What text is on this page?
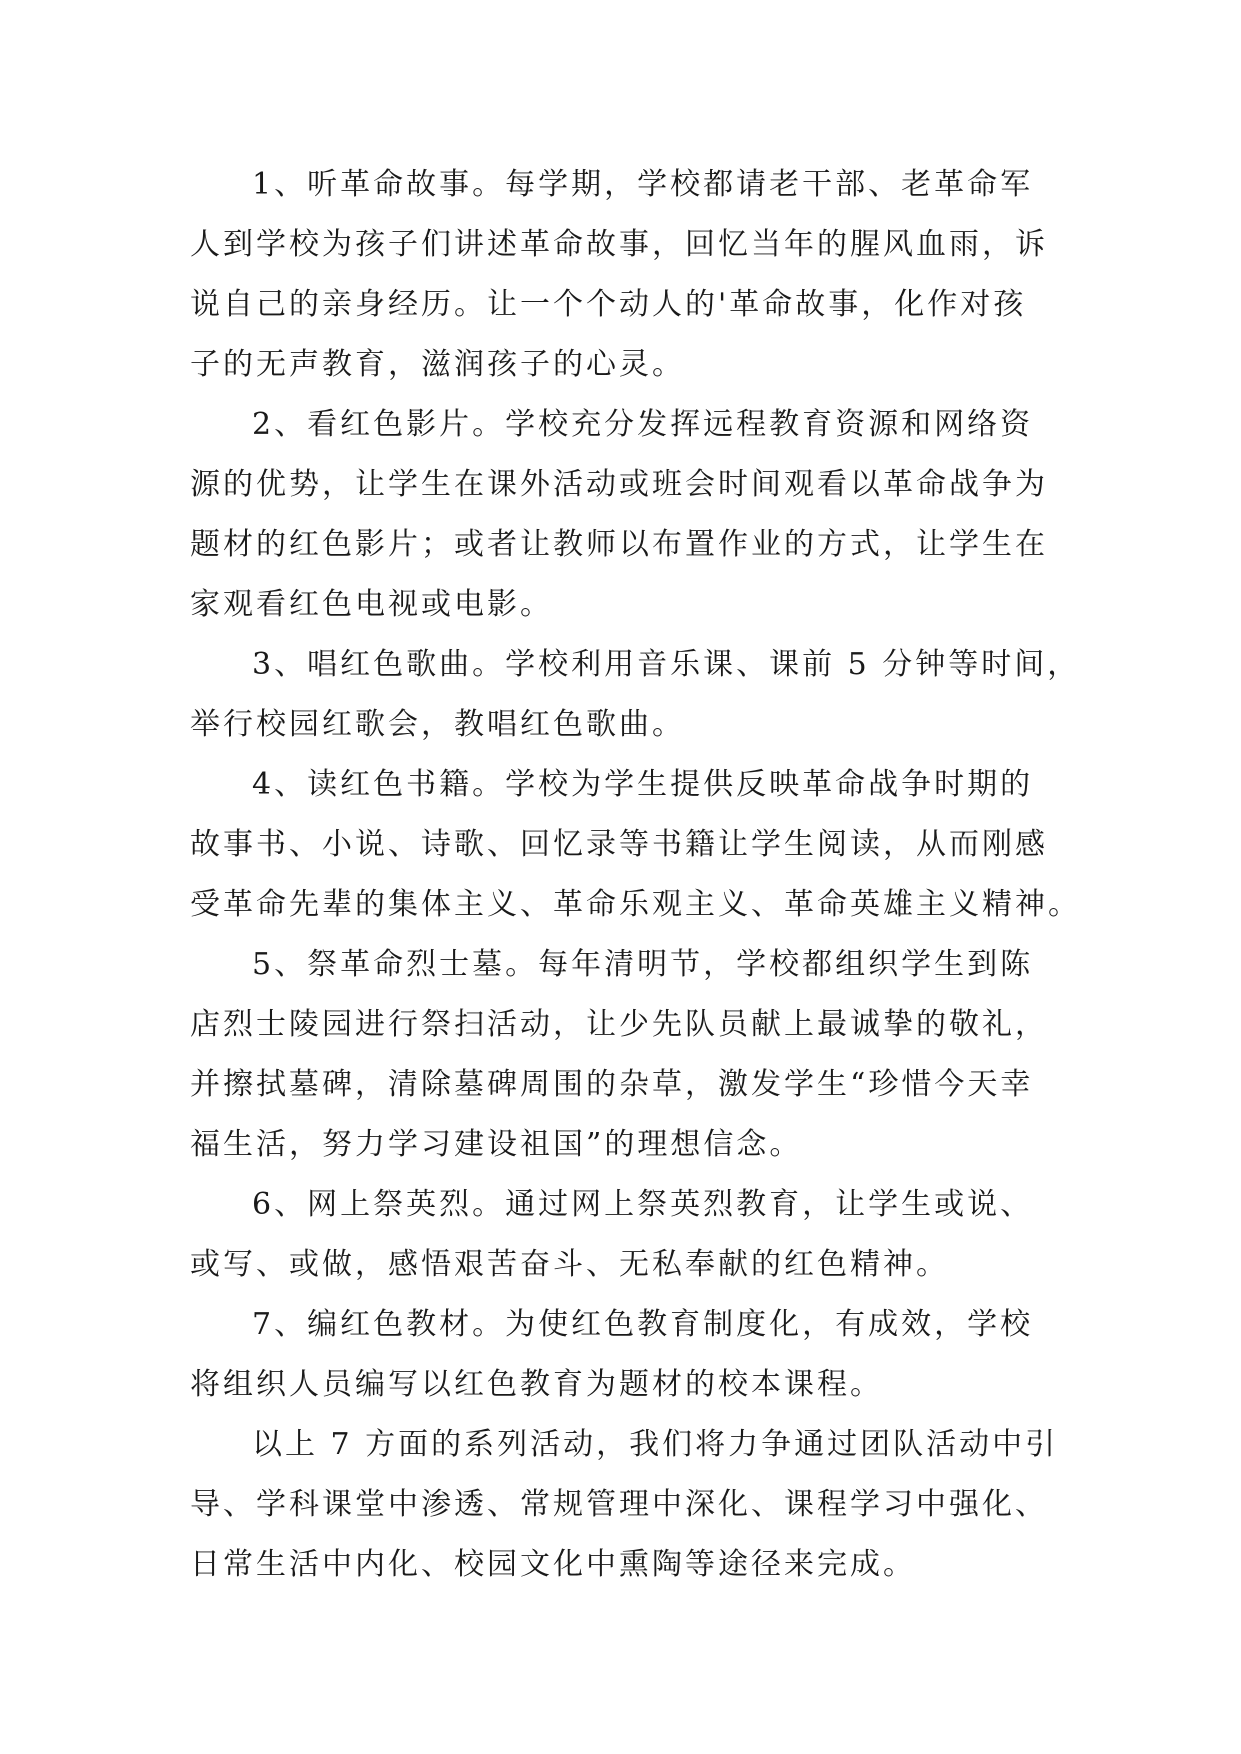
1、听革命故事。每学期，学校都请老干部、老革命军
人到学校为孩子们讲述革命故事，回忆当年的腥风血雨，诉
说自己的亲身经历。让一个个动人的'革命故事，化作对孩
子的无声教育，滋润孩子的心灵。

2、看红色影片。学校充分发挥远程教育资源和网络资
源的优势，让学生在课外活动或班会时间观看以革命战争为
题材的红色影片；或者让教师以布置作业的方式，让学生在
家观看红色电视或电影。

3、唱红色歌曲。学校利用音乐课、课前 5 分钟等时间，
举行校园红歌会，教唱红色歌曲。

4、读红色书籍。学校为学生提供反映革命战争时期的
故事书、小说、诗歌、回忆录等书籍让学生阅读，从而刚感
受革命先辈的集体主义、革命乐观主义、革命英雄主义精神。

5、祭革命烈士墓。每年清明节，学校都组织学生到陈
店烈士陵园进行祭扫活动，让少先队员献上最诚挚的敬礼，
并擦拭墓碑，清除墓碑周围的杂草，激发学生“珍惜今天幸
福生活，努力学习建设祖国”的理想信念。

6、网上祭英烈。通过网上祭英烈教育，让学生或说、
或写、或做，感悟艰苦奋斗、无私奉献的红色精神。

7、编红色教材。为使红色教育制度化，有成效，学校
将组织人员编写以红色教育为题材的校本课程。

以上 7 方面的系列活动，我们将力争通过团队活动中引
导、学科课堂中渗透、常规管理中深化、课程学习中强化、
日常生活中内化、校园文化中熏陶等途径来完成。
